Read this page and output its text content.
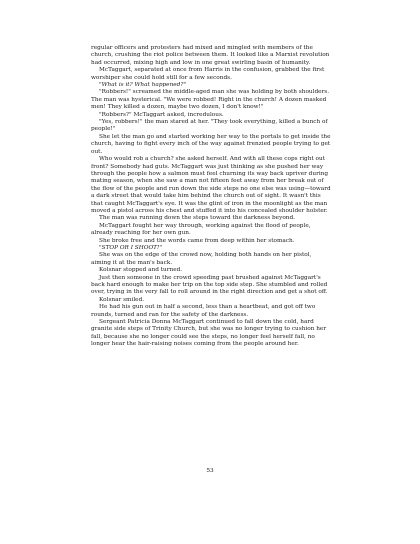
regular officers and protesters had mixed and mingled with members of the church, crushing the riot police between them. It looked like a Marxist revolution had occurred, mixing high and low in one great swirling basin of humanity.

McTaggart, separated at once from Harris in the confusion, grabbed the first worshiper she could hold still for a few seconds.

"What is it? What happened?"

"Robbers!" screamed the middle-aged man she was holding by both shoulders. The man was hysterical. "We were robbed! Right in the church! A dozen masked men! They killed a dozen, maybe two dozen, I don't know!"

"Robbers?" McTaggart asked, incredulous.

"Yes, robbers!" the man stared at her. "They took everything, killed a bunch of people!"

She let the man go and started working her way to the portals to get inside the church, having to fight every inch of the way against frenzied people trying to get out.

Who would rob a church? she asked herself. And with all these cops right out front? Somebody had guts. McTaggart was just thinking as she pushed her way through the people how a salmon must feel churning its way back upriver during mating season, when she saw a man not fifteen feet away from her break out of the flow of the people and run down the side steps no one else was using—toward a dark street that would take him behind the church out of sight. It wasn't this that caught McTaggart's eye. It was the glint of iron in the moonlight as the man moved a pistol across his chest and stuffed it into his concealed shoulder holster.

The man was running down the steps toward the darkness beyond.

McTaggart fought her way through, working against the flood of people, already reaching for her own gun.

She broke free and the words came from deep within her stomach.

"STOP OR I SHOOT!"

She was on the edge of the crowd now, holding both hands on her pistol, aiming it at the man's back.

Kolsnar stopped and turned.

Just then someone in the crowd speeding past brushed against McTaggart's back hard enough to make her trip on the top side step. She stumbled and rolled over, trying in the very fall to roll around in the right direction and get a shot off.

Kolsnar smiled.

He had his gun out in half a second, less than a heartbeat, and got off two rounds, turned and ran for the safety of the darkness.

Sergeant Patricia Donna McTaggart continued to fall down the cold, hard granite side steps of Trinity Church, but she was no longer trying to cushion her fall, because she no longer could see the steps, no longer feel herself fall, no longer hear the hair-raising noises coming from the people around her.

53
